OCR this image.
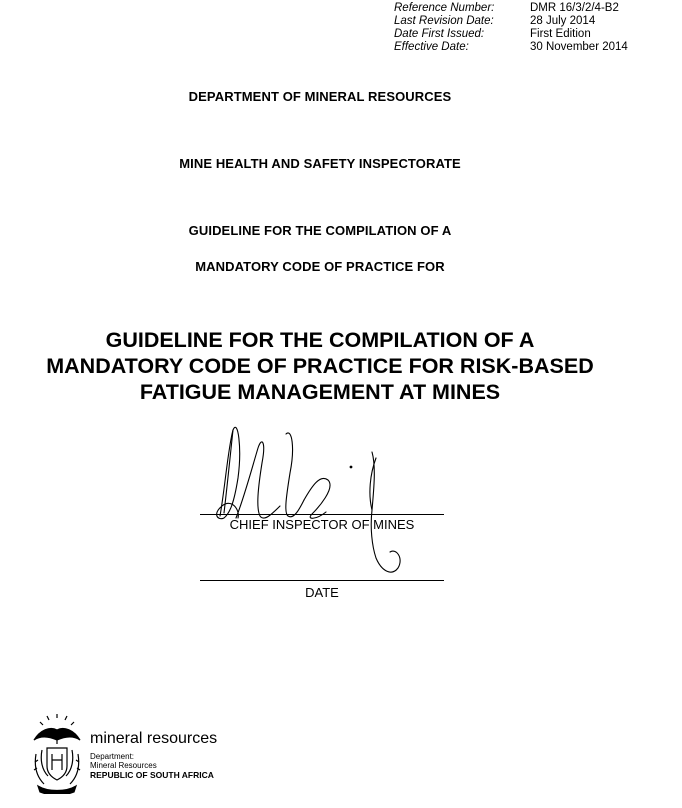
Reference Number:	DMR 16/3/2/4-B2
Last Revision Date:	28 July 2014
Date First Issued:	First Edition
Effective Date:	30 November 2014
DEPARTMENT OF MINERAL RESOURCES
MINE HEALTH AND SAFETY INSPECTORATE
GUIDELINE FOR THE COMPILATION OF A
MANDATORY CODE OF PRACTICE FOR
GUIDELINE FOR THE COMPILATION OF A
MANDATORY CODE OF PRACTICE FOR RISK-BASED
FATIGUE MANAGEMENT AT MINES
CHIEF INSPECTOR OF MINES
DATE
mineral resources
Department:
Mineral Resources
REPUBLIC OF SOUTH AFRICA
